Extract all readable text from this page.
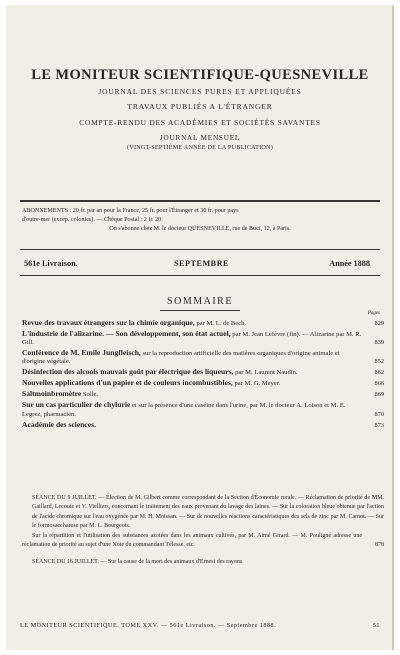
LE MONITEUR SCIENTIFIQUE-QUESNEVILLE
JOURNAL DES SCIENCES PURES ET APPLIQUÉES
TRAVAUX PUBLIÉS A L'ÉTRANGER
COMPTE-RENDU DES ACADÉMIES ET SOCIÉTÉS SAVANTES
JOURNAL MENSUEL
(VINGT-SEPTIÈME ANNÉE DE LA PUBLICATION)
ABONNEMENTS : 20 fr. par an pour la France, 25 fr. pour l'Étranger et 30 fr. pour pays
d'outre-mer (excep. colonies). — Chèque Postal : 2 fr. 20
On s'abonne chez M. le docteur QUESNEVILLE, rue de Buci, 12, à Paris.
561e Livraison.	SEPTEMBRE	Année 1888
SOMMAIRE
Pages
Revue des travaux étrangers sur la chimie organique, par M. L. de Bech.	829
L'industrie de l'alizarine. — Son développement, son état actuel, par M. Jean Lefèvre (fin). — Alizarine par M. R. Gill.	839
Conférence de M. Emile Jungfleisch, sur la reproduction artificielle des matières organiques d'origine animale et d'origine végétale.	852
Désinfection des alcools mauvais goût par électrique des liqueurs, par M. Laurent Naudin.	862
Nouvelles applications d'un papier et de couleurs incombustibles, par M. G. Meyer.	866
Saltmoinbromètre Solle.	869
Sur un cas particulier de chylurie et sur la présence d'une caséine dans l'urine, par M. le docteur A. Loison et M. E. Legrez, pharmacien.	870
Académie des sciences.	873
SÉANCE DU 9 JUILLET. — Élection de M. Gilbert comme correspondant de la Section d'Économie rurale. — Réclamation de priorité de MM. Gaillard, Lecoute et V. Vielliers, concernant le traitement des eaux provenant du lavage des laines. — Sur la coloration bleue obtenue par l'action de l'acide chromique sur l'eau oxygénée par M. H. Moissan. — Sur de nouvelles réactions caractéristiques des sels de zinc par M. Carnot. — Sur le formosaccharose par M. L. Bourgeois.
Sur la répartition et l'utilisation des substances azotées dans les animaux cultivés, par M. Aimé Girard. — M. Pouligné adresse une réclamation de priorité au sujet d'une Note du commandant Télesse. etc.	878
SÉANCE DU 16 JUILLET. — Sur la cause de la mort des animaux d'Ernest des rayons
LE MONITEUR SCIENTIFIQUE. TOME XXV. — 561e Livraison. — Septembre 1888.	51
